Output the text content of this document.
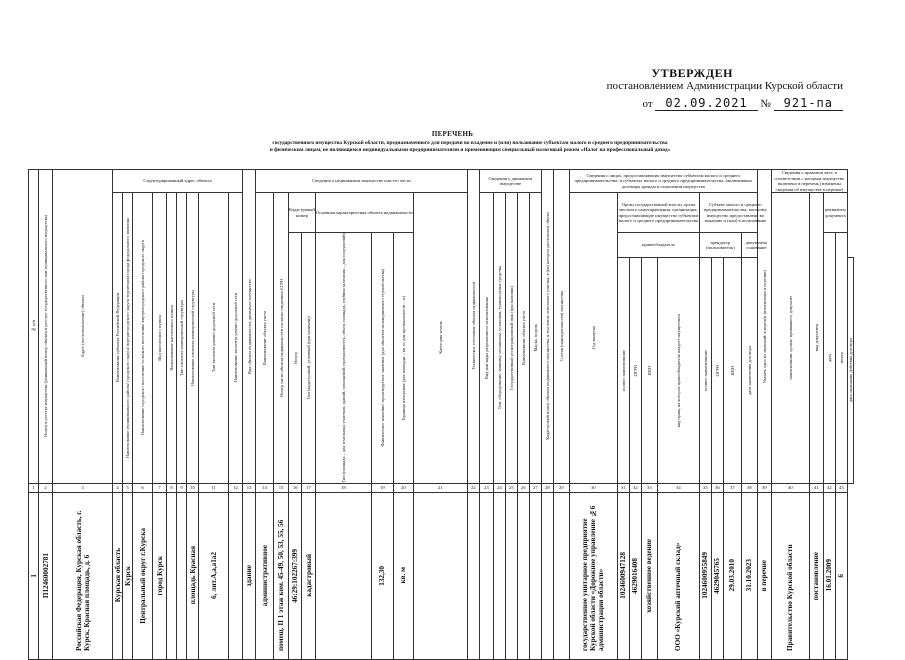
УТВЕРЖДЕН
постановлением Администрации Курской области
от 02.09.2021 № 921-па
ПЕРЕЧЕНЬ
государственного имущества Курской области, предназначенного для передачи во владение и (или) пользование субъектам малого и среднего предпринимательства
и физическим лицам, не являющимся индивидуальными предпринимателями и применяющим специальный налоговый режим «Налог на профессиональный доход»
№ п/п	Номер в реестре имущества (уникальный номер объекта в реестре государственного или муниципального имущества)	Адрес (местоположение) объекта	Структурированный адрес объекта									Вид объекта недвижимости; движимое имущество	Сведения о недвижимом имуществе или его части								Техническое состояние объекта недвижимости	Сведения о движимом имуществе					Кадастровый номер объекта недвижимого имущества, в том числе земельного участка, в (на) котором расположен объект	Состав (принадлежности) имущества	Сведения о лицах, предоставляющих имущество субъектам малого и среднего предпринимательства, и субъектах малого и среднего предпринимательства, заключивших договоры аренды в отношении имущества									Указать одно из значений: в перечне (изменениях в перечни)	Сведения о правовом акте, в соответствии с которым имущество включено в перечень (изменены сведения об имуществе в перечне)				

			Наименование субъекта Российской Федерации	Наименование муниципального района/ городского округа/ внутригородского округа территории города федерального значения	Наименование городского поселения/ сельского поселения/ внутригородского района городского округа	Вид населенного пункта	Наименование населенного пункта	Тип элемента планировочной структуры	Наименование элемента планировочной структуры	Тип элемента улично-дорожной сети	Наименование элемента улично-дорожной сети		Наименование объекта учета	Номер части объекта недвижимости согласно сведениям ЕГРН	Кадастровый номер		Основная характеристика объекта недвижимости			Категория земель		Вид или виды разрешенного использования	Тип: оборудование, машины, механизмы, установки, транспортные средства	Государственный регистрационный знак (при наличии)	Наименование объекта учета	Марка, модель			Год выпуска	Орган государственной власти, орган местного самоуправления, организация, предоставляющие имущество субъектам малого и среднего предпринимательства				Субъект малого и среднего предпринимательства, которому имущество предоставлено во владение и (или) в пользование					наименование органа, принявшего документ	вид документа	реквизиты документа		

															Номер	Тип (кадастровый, условный (при наличии))	Тип (площадь – для земельных участков, зданий, помещений; протяженность, объем, площадь, глубина залегания – для сооружений)	Фактическое значение/ проектируемое значение (для объектов незавершенного строительства)	Единица измерения (для площади – кв. м; для протяженности – м)											правообладатель				арендатор (пользователь)			документы основание				дата	номер	

																														полное наименование	ОГРН	ИНН	вид права, на котором правообладатель владеет имуществом	полное наименование	ОГРН	ИНН	дата заключения договора						дата окончания действия договора

1	2	3	4	5	6	7	8	9	10	11	12	13	14	15	16	17	18	19	20	21	22	23	24	25	26	27	28	29	30	31	32	33	34	35	36	37	38	39	40	41	42	43	

1	П12460002781	Российская Федерация, Курская область, г. Курск, Красная площадь, д. 6	Курская область	Курск	Центральный округ г.Курска	город Курск			площадь Красная	6, лит.А,а,а1а2		здание	административное	помещ. II 1 этаж ком. 45-49, 50, 53, 55, 56	46:29:102267:399	кадастровый		132,30	кв. м										государственное унитарное предприятие Курской области «Дорожное управление №6 администрации области»	1024600947128	4629016408	хозяйственное ведение	ООО «Курский аптечный склад»	1024600955849	4629045765	29.03.2010	31.10.2023	в перечне	Правительство Курской области	постановление	16.01.2009	6	
